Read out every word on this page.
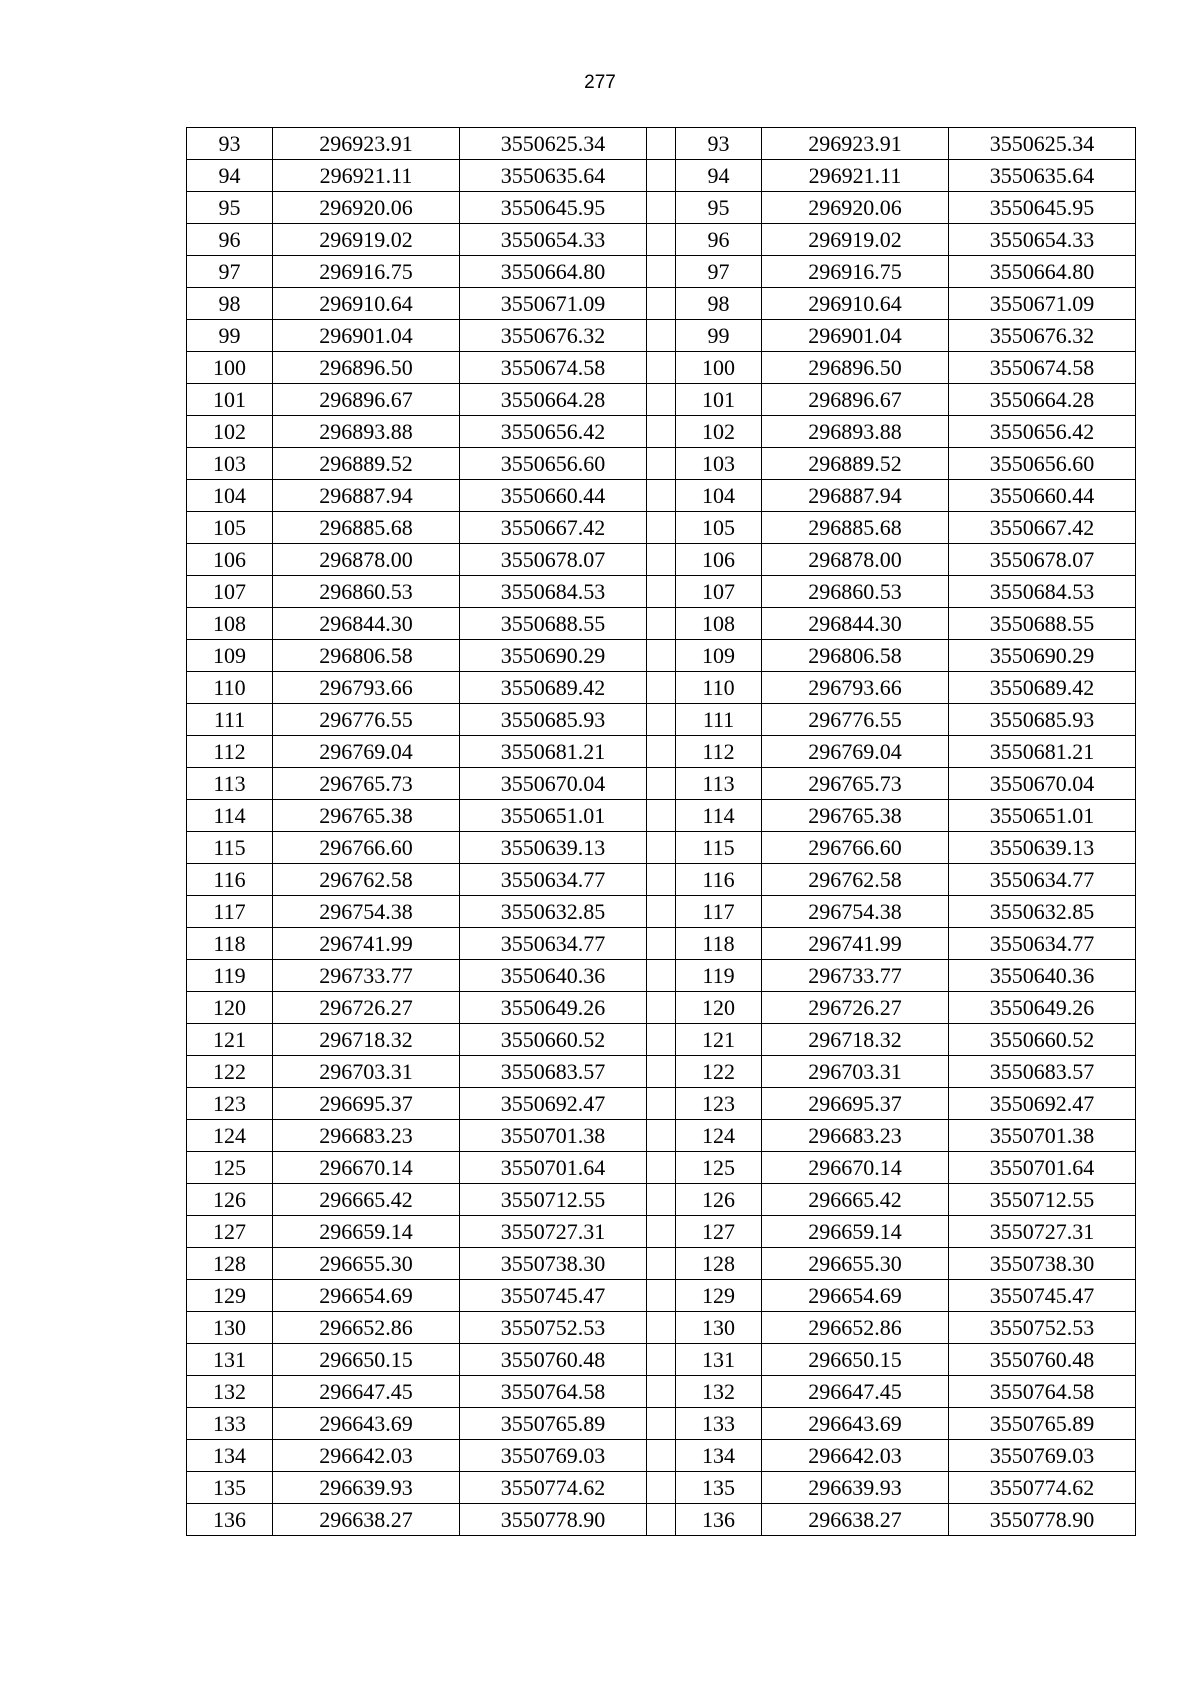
277
93	296923.91	3550625.34		93	296923.91	3550625.34
94	296921.11	3550635.64		94	296921.11	3550635.64
95	296920.06	3550645.95		95	296920.06	3550645.95
96	296919.02	3550654.33		96	296919.02	3550654.33
97	296916.75	3550664.80		97	296916.75	3550664.80
98	296910.64	3550671.09		98	296910.64	3550671.09
99	296901.04	3550676.32		99	296901.04	3550676.32
100	296896.50	3550674.58		100	296896.50	3550674.58
101	296896.67	3550664.28		101	296896.67	3550664.28
102	296893.88	3550656.42		102	296893.88	3550656.42
103	296889.52	3550656.60		103	296889.52	3550656.60
104	296887.94	3550660.44		104	296887.94	3550660.44
105	296885.68	3550667.42		105	296885.68	3550667.42
106	296878.00	3550678.07		106	296878.00	3550678.07
107	296860.53	3550684.53		107	296860.53	3550684.53
108	296844.30	3550688.55		108	296844.30	3550688.55
109	296806.58	3550690.29		109	296806.58	3550690.29
110	296793.66	3550689.42		110	296793.66	3550689.42
111	296776.55	3550685.93		111	296776.55	3550685.93
112	296769.04	3550681.21		112	296769.04	3550681.21
113	296765.73	3550670.04		113	296765.73	3550670.04
114	296765.38	3550651.01		114	296765.38	3550651.01
115	296766.60	3550639.13		115	296766.60	3550639.13
116	296762.58	3550634.77		116	296762.58	3550634.77
117	296754.38	3550632.85		117	296754.38	3550632.85
118	296741.99	3550634.77		118	296741.99	3550634.77
119	296733.77	3550640.36		119	296733.77	3550640.36
120	296726.27	3550649.26		120	296726.27	3550649.26
121	296718.32	3550660.52		121	296718.32	3550660.52
122	296703.31	3550683.57		122	296703.31	3550683.57
123	296695.37	3550692.47		123	296695.37	3550692.47
124	296683.23	3550701.38		124	296683.23	3550701.38
125	296670.14	3550701.64		125	296670.14	3550701.64
126	296665.42	3550712.55		126	296665.42	3550712.55
127	296659.14	3550727.31		127	296659.14	3550727.31
128	296655.30	3550738.30		128	296655.30	3550738.30
129	296654.69	3550745.47		129	296654.69	3550745.47
130	296652.86	3550752.53		130	296652.86	3550752.53
131	296650.15	3550760.48		131	296650.15	3550760.48
132	296647.45	3550764.58		132	296647.45	3550764.58
133	296643.69	3550765.89		133	296643.69	3550765.89
134	296642.03	3550769.03		134	296642.03	3550769.03
135	296639.93	3550774.62		135	296639.93	3550774.62
136	296638.27	3550778.90		136	296638.27	3550778.90
